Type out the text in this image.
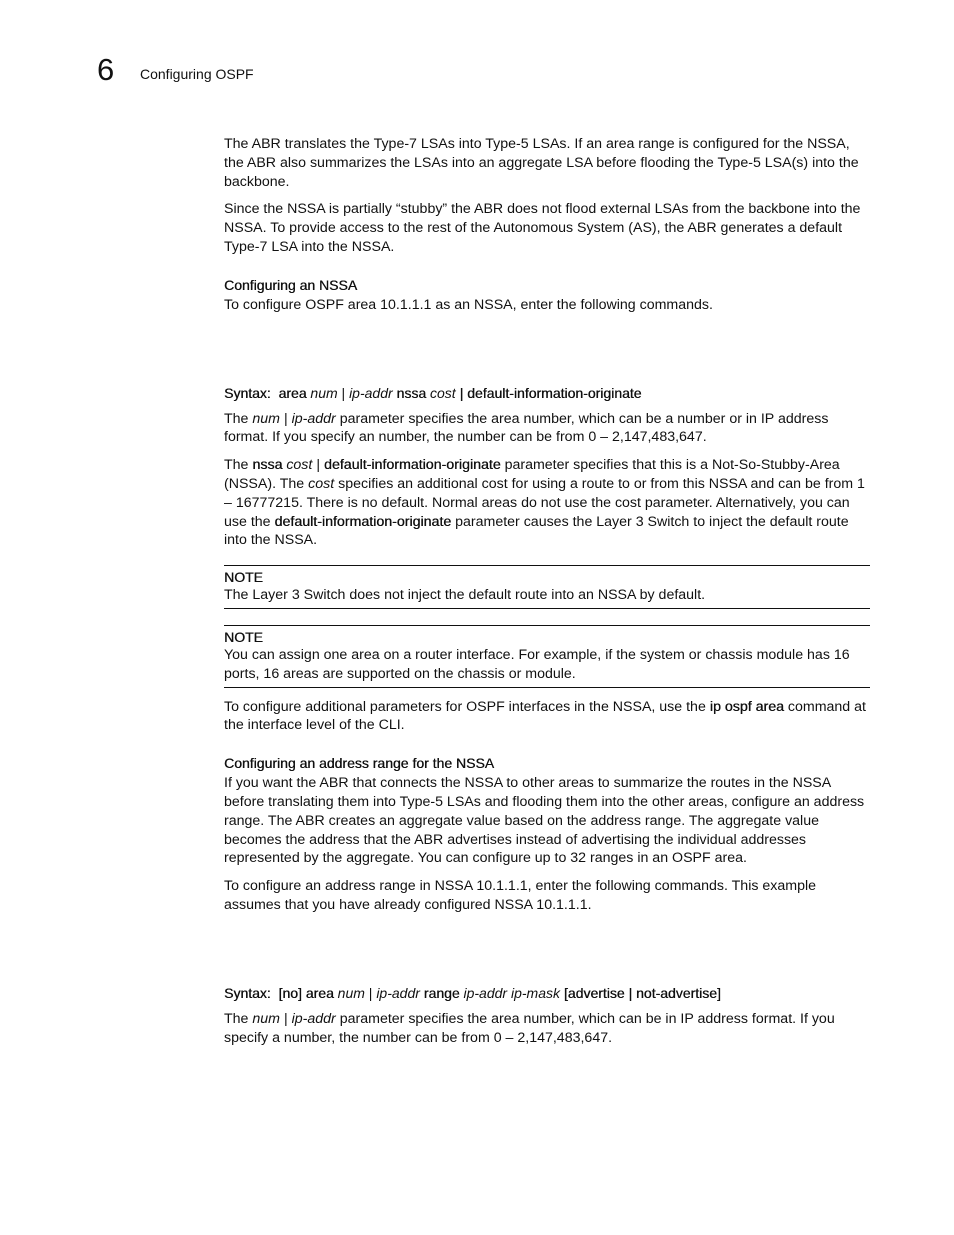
6 Configuring OSPF

The ABR translates the Type-7 LSAs into Type-5 LSAs. If an area range is configured for the NSSA, the ABR also summarizes the LSAs into an aggregate LSA before flooding the Type-5 LSA(s) into the backbone.

Since the NSSA is partially “stubby” the ABR does not flood external LSAs from the backbone into the NSSA. To provide access to the rest of the Autonomous System (AS), the ABR generates a default Type-7 LSA into the NSSA.

Configuring an NSSA

To configure OSPF area 10.1.1.1 as an NSSA, enter the following commands.

Syntax: area num | ip-addr nssa cost | default-information-originate

The num | ip-addr parameter specifies the area number, which can be a number or in IP address format. If you specify an number, the number can be from 0 – 2,147,483,647.

The nssa cost | default-information-originate parameter specifies that this is a Not-So-Stubby-Area (NSSA). The cost specifies an additional cost for using a route to or from this NSSA and can be from 1 – 16777215. There is no default. Normal areas do not use the cost parameter. Alternatively, you can use the default-information-originate parameter causes the Layer 3 Switch to inject the default route into the NSSA.

NOTE

The Layer 3 Switch does not inject the default route into an NSSA by default.

NOTE

You can assign one area on a router interface. For example, if the system or chassis module has 16 ports, 16 areas are supported on the chassis or module.

To configure additional parameters for OSPF interfaces in the NSSA, use the ip ospf area command at the interface level of the CLI.

Configuring an address range for the NSSA

If you want the ABR that connects the NSSA to other areas to summarize the routes in the NSSA before translating them into Type-5 LSAs and flooding them into the other areas, configure an address range. The ABR creates an aggregate value based on the address range. The aggregate value becomes the address that the ABR advertises instead of advertising the individual addresses represented by the aggregate. You can configure up to 32 ranges in an OSPF area.

To configure an address range in NSSA 10.1.1.1, enter the following commands. This example assumes that you have already configured NSSA 10.1.1.1.

Syntax: [no] area num | ip-addr range ip-addr ip-mask [advertise | not-advertise]

The num | ip-addr parameter specifies the area number, which can be in IP address format. If you specify a number, the number can be from 0 – 2,147,483,647.
